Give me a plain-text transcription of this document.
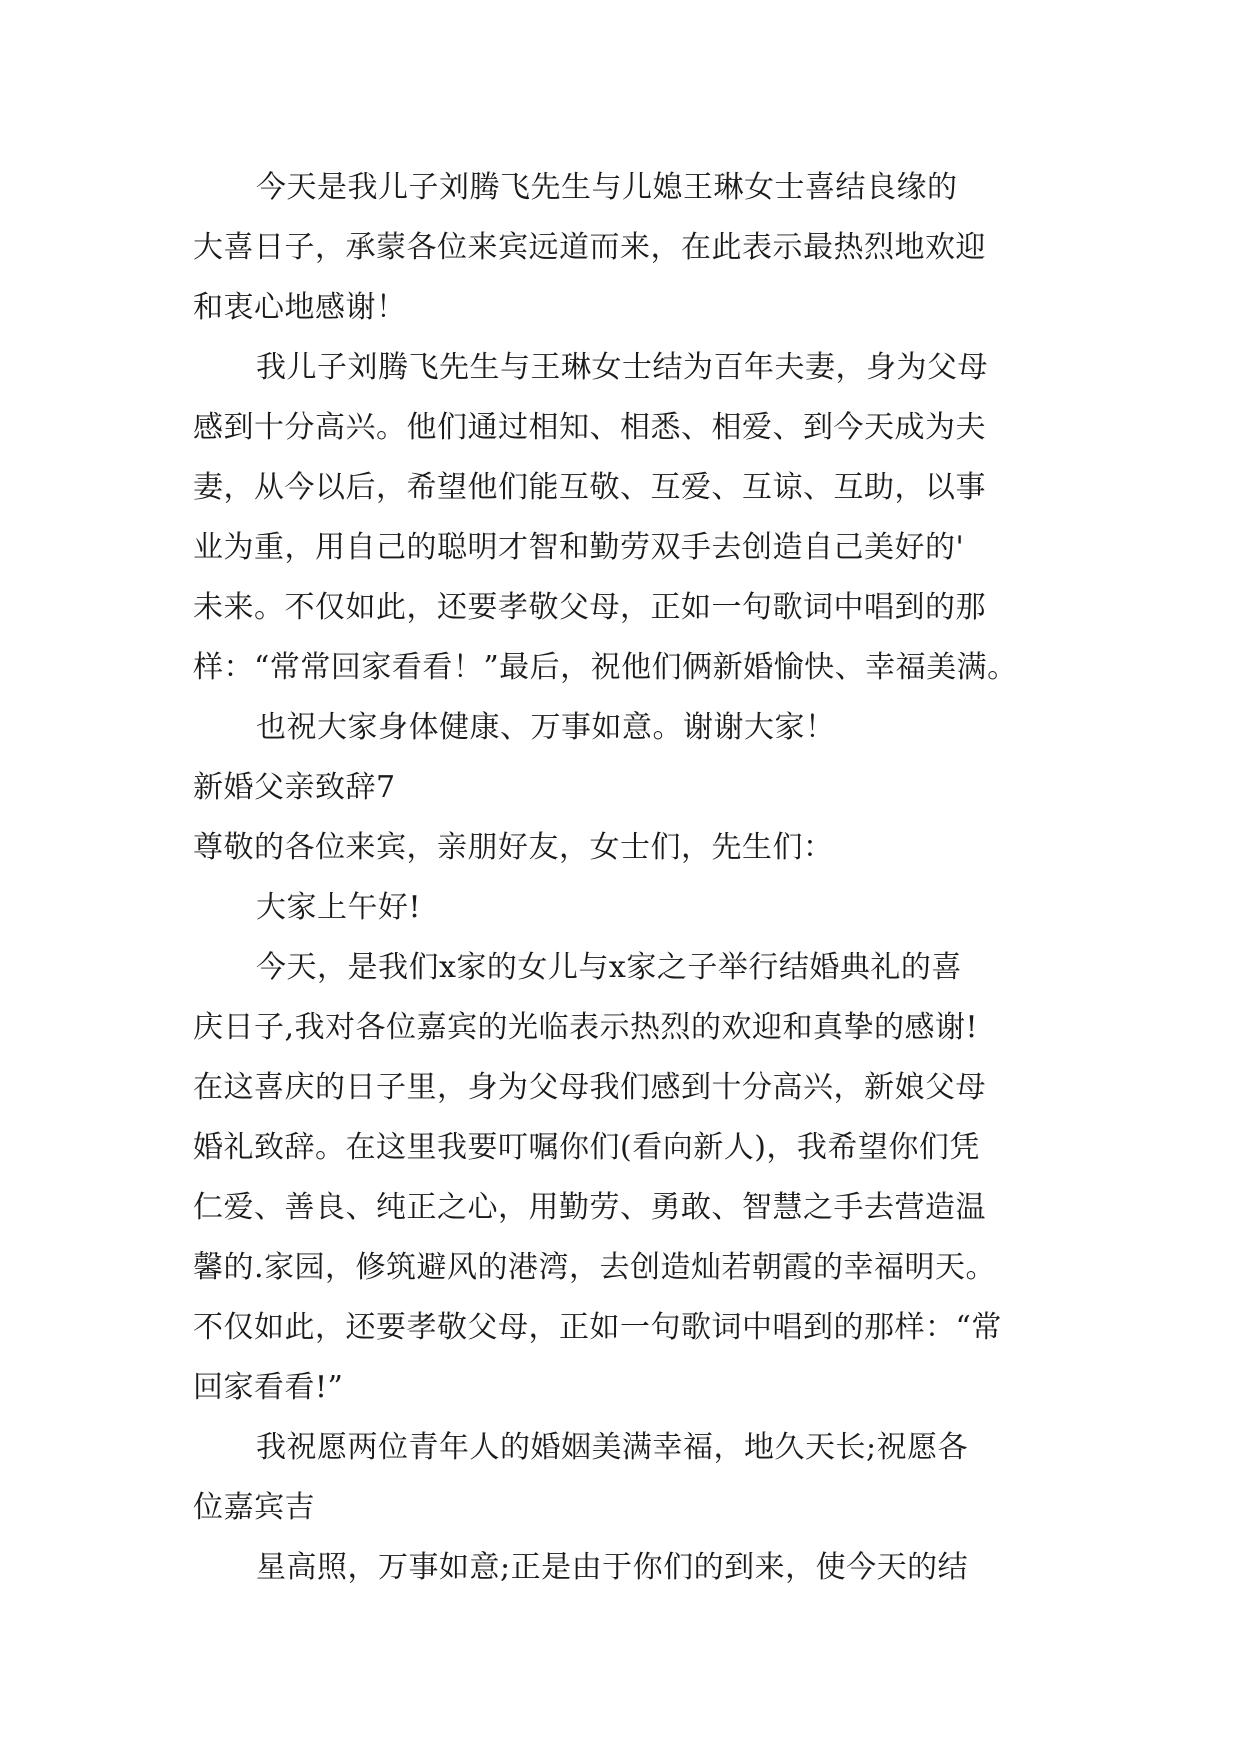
今天是我儿子刘腾飞先生与儿媳王琳女士喜结良缘的
大喜日子，承蒙各位来宾远道而来，在此表示最热烈地欢迎
和衷心地感谢！
我儿子刘腾飞先生与王琳女士结为百年夫妻，身为父母
感到十分高兴。他们通过相知、相悉、相爱、到今天成为夫
妻，从今以后，希望他们能互敬、互爱、互谅、互助，以事
业为重，用自己的聪明才智和勤劳双手去创造自己美好的'
未来。不仅如此，还要孝敬父母，正如一句歌词中唱到的那
样：“常常回家看看！”最后，祝他们俩新婚愉快、幸福美满。
也祝大家身体健康、万事如意。谢谢大家！
新婚父亲致辞7
尊敬的各位来宾，亲朋好友，女士们，先生们：
大家上午好!
今天，是我们x家的女儿与x家之子举行结婚典礼的喜
庆日子,我对各位嘉宾的光临表示热烈的欢迎和真挚的感谢!
在这喜庆的日子里，身为父母我们感到十分高兴，新娘父母
婚礼致辞。在这里我要叮嘱你们(看向新人)，我希望你们凭
仁爱、善良、纯正之心，用勤劳、勇敢、智慧之手去营造温
馨的.家园，修筑避风的港湾，去创造灿若朝霞的幸福明天。
不仅如此，还要孝敬父母，正如一句歌词中唱到的那样：“常
回家看看!”
我祝愿两位青年人的婚姻美满幸福，地久天长;祝愿各
位嘉宾吉
星高照，万事如意;正是由于你们的到来，使今天的结
